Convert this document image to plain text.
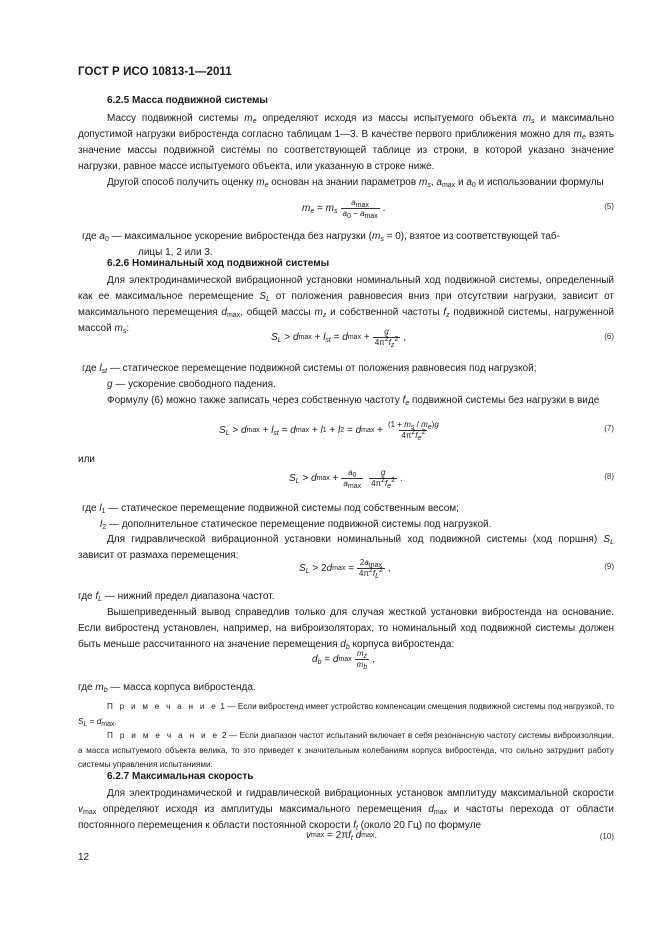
ГОСТ Р ИСО 10813-1—2011
6.2.5 Масса подвижной системы
Массу подвижной системы $m_e$ определяют исходя из массы испытуемого объекта $m_s$ и максимально допустимой нагрузки вибростенда согласно таблицам 1—3. В качестве первого приближения можно для $m_e$ взять значение массы подвижной системы по соответствующей таблице из строки, в которой указано значение нагрузки, равное массе испытуемого объекта, или указанную в строке ниже.
Другой способ получить оценку $m_e$ основан на знании параметров $m_s$, $a_{max}$ и $a_0$ и использовании формулы
$m_e = m_s \frac{a_{max}}{a_0 - a_{max}}$ .	(5)
где $a_0$ — максимальное ускорение вибростенда без нагрузки $(m_s = 0)$, взятое из соответствующей таб-
лицы 1, 2 или 3.
6.2.6 Номинальный ход подвижной системы
Для электродинамической вибрационной установки номинальный ход подвижной системы, определенный как ее максимальное перемещение $S_L$ от положения равновесия вниз при отсутствии нагрузки, зависит от максимального перемещения $d_{max}$, общей массы $m_z$ и собственной частоты $f_z$ подвижной системы, нагруженной массой $m_s$:
$S_L > d$ $\max + l_{st} = d$ $\max + \frac{g}{4\pi^2f_z^2}$ ,	(6)
где $l_{st}$ — статическое перемещение подвижной системы от положения равновесия под нагрузкой;
g — ускорение свободного падения.
Формулу (6) можно также записать через собственную частоту $f_e$ подвижной системы без нагрузки в виде
$S_L > d$ $\max + l_{st} = d$ max + l 1 + l 2 = d $\max + \frac{(1 + m_s / m_e)g}{4\pi^2f_e^2}$	(7)
или
$S_L > d$ $\max + \frac{a_0}{a_{max}} \frac{g}{4\pi^2f_e^2}$ .	(8)
где $l_1$ — статическое перемещение подвижной системы под собственным весом;
$l_2$ — дополнительное статическое перемещение подвижной системы под нагрузкой.
Для гидравлической вибрационной установки номинальный ход подвижной системы (ход поршня) $S_L$ зависит от размаха перемещения:
$S_L > 2$ d $\max = \frac{2a_{max}}{4\pi^2f_L^2}$ ,	(9)
где $f_L$ — нижний предел диапазона частот.
Вышеприведенный вывод справедлив только для случая жесткой установки вибростенда на основание. Если вибростенд установлен, например, на виброизоляторах, то номинальный ход подвижной системы должен быть меньше рассчитанного на значение перемещения $d_b$ корпуса вибростенда:
$d_b = d$ $\max \frac{m_z}{m_b}$ ,
где $m_b$ — масса корпуса вибростенда.
П р и м е ч а н и е 1 — Если вибростенд имеет устройство компенсации смещения подвижной системы под нагрузкой, то $S_L = d_{max}$.
П р и м е ч а н и е 2 — Если диапазон частот испытаний включает в себя резонансную частоту системы виброизоляции, а масса испытуемого объекта велика, то это приведет к значительным колебаниям корпуса вибростенда, что сильно затруднит работу системы управления испытаниями.
6.2.7 Максимальная скорость
Для электродинамической и гидравлической вибрационных установок амплитуду максимальной скорости $v_{max}$ определяют исходя из амплитуды максимального перемещения $d_{max}$ и частоты перехода от области постоянного перемещения к области постоянной скорости $f_t$ (около 20 Гц) по формуле
v max = 2π $f_t$
d max .	(10)
12
